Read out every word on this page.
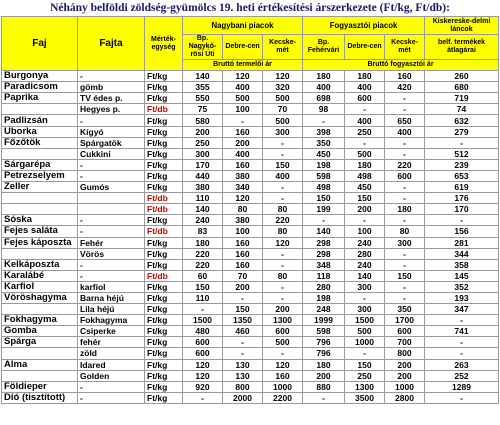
Néhány belföldi zöldség-gyümölcs 19. heti értékesítési árszerkezete (Ft/kg, Ft/db):
Faj	Fajta	Mérték-egység	Nagybani piacok			Fogyasztói piacok			Kiskereske-delmi láncok
			Bp. Nagykő-rösi Úti	Debre-cen	Kecske-mét	Bp. Fehérvári	Debre-cen	Kecske-mét	belf. termékek átlagárai
			Bruttó termelői ár			Bruttó fogyasztói ár			
Burgonya	-	Ft/kg	140	120	120	180	180	160	260
Paradicsom	gömb	Ft/kg	355	400	320	400	400	420	680
Paprika	TV édes p.	Ft/kg	550	500	500	698	600	-	719
	Hegyes p.	Ft/db	75	100	70	98	-	-	74
Padlizsán	-	Ft/kg	580	-	500	-	400	650	632
Uborka	Kígyó	Ft/kg	200	160	300	398	250	400	279
Főzőtök	Spárgatök	Ft/kg	250	200	-	350	-	-	-
	Cukkini	Ft/kg	300	400	-	450	500	-	512
Sárgarépa	-	Ft/kg	170	160	150	198	180	220	239
Petrezselyem	-	Ft/kg	440	380	400	598	498	600	653
Zeller	Gumós	Ft/kg	380	340	-	498	450	-	619
		Ft/db	110	120	-	150	150	-	176
		Ft/db	140	80	80	199	200	180	170
Sóska	-	Ft/kg	240	380	220	-	-	-	-
Fejes saláta	-	Ft/db	83	100	80	140	100	80	156
Fejes káposzta	Fehér	Ft/kg	180	160	120	298	240	300	281
	Vörös	Ft/kg	220	160	-	298	280	-	344
Kelkáposzta	-	Ft/kg	220	160	-	348	240	-	358
Karalábé	-	Ft/db	60	70	80	118	140	150	145
Karfiol	karfiol	Ft/kg	150	200	-	280	300	-	352
Vöröshagyma	Barna héjú	Ft/kg	110	-	-	198	-	-	193
	Lila héjú	Ft/kg	-	150	200	248	300	350	347
Fokhagyma	Fokhagyma	Ft/kg	1500	1350	1300	1999	1500	1700	-
Gomba	Csiperke	Ft/kg	480	460	600	598	500	600	741
Spárga	fehér	Ft/kg	600	-	500	796	1000	700	-
	zöld	Ft/kg	600	-	-	796	-	800	-
Alma	Idared	Ft/kg	120	130	120	180	150	200	263
	Golden	Ft/kg	120	130	160	200	250	200	252
Földieper	-	Ft/kg	920	800	1000	880	1300	1000	1289
Dió (tisztított)	-	Ft/kg	-	2000	2200	-	3500	2800	-
